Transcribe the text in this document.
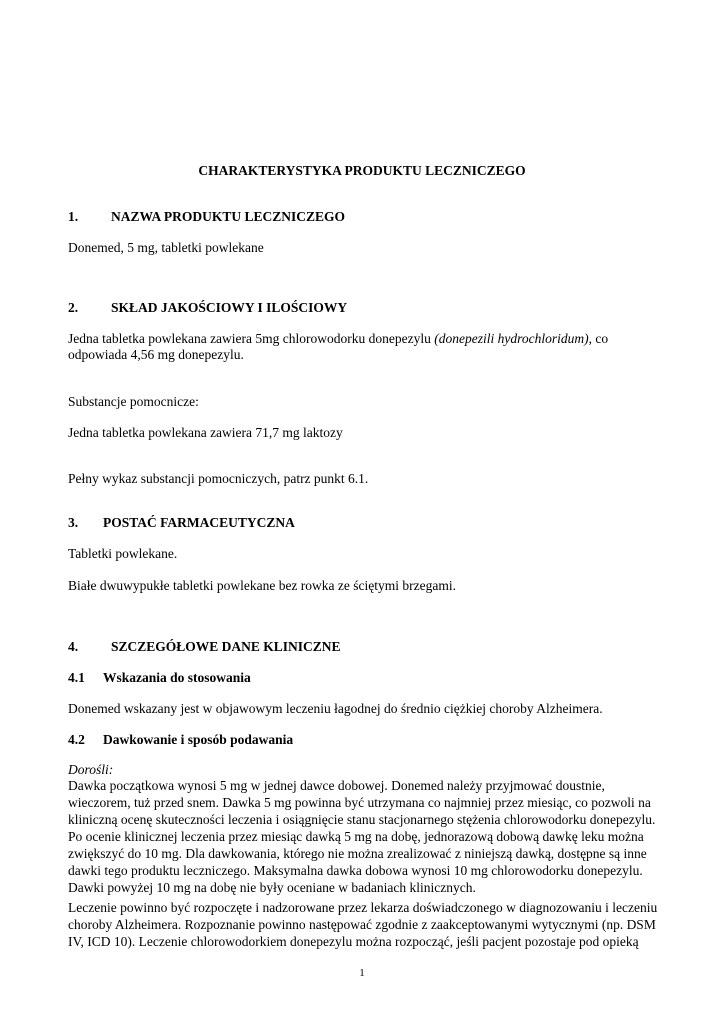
CHARAKTERYSTYKA PRODUKTU LECZNICZEGO

1. NAZWA PRODUKTU LECZNICZEGO

Donemed, 5 mg, tabletki powlekane

2. SKŁAD JAKOŚCIOWY I ILOŚCIOWY

Jedna tabletka powlekana zawiera 5mg chlorowodorku donepezylu (donepezili hydrochloridum), co

odpowiada 4,56 mg donepezylu.

Substancje pomocnicze:

Jedna tabletka powlekana zawiera 71,7 mg laktozy

Pełny wykaz substancji pomocniczych, patrz punkt 6.1.

3. POSTAĆ FARMACEUTYCZNA

Tabletki powlekane.

Białe dwuwypukłe tabletki powlekane bez rowka ze ściętymi brzegami.

4. SZCZEGÓŁOWE DANE KLINICZNE
4.1 Wskazania do stosowania

Donemed wskazany jest w objawowym leczeniu łagodnej do średnio ciężkiej choroby Alzheimera.

4.2 Dawkowanie i sposób podawania

Dorośli:

Dawka początkowa wynosi 5 mg w jednej dawce dobowej. Donemed należy przyjmować doustnie,
wieczorem, tuż przed snem. Dawka 5 mg powinna być utrzymana co najmniej przez miesiąc, co pozwoli na
kliniczną ocenę skuteczności leczenia i osiągnięcie stanu stacjonarnego stężenia chlorowodorku donepezylu.
Po ocenie klinicznej leczenia przez miesiąc dawką 5 mg na dobę, jednorazową dobową dawkę leku można
zwiększyć do 10 mg. Dla dawkowania, którego nie można zrealizować z niniejszą dawką, dostępne są inne
dawki tego produktu leczniczego. Maksymalna dawka dobowa wynosi 10 mg chlorowodorku donepezylu.
Dawki powyżej 10 mg na dobę nie były oceniane w badaniach klinicznych.
Leczenie powinno być rozpoczęte i nadzorowane przez lekarza doświadczonego w diagnozowaniu i leczeniu
choroby Alzheimera. Rozpoznanie powinno następować zgodnie z zaakceptowanymi wytycznymi (np. DSM
IV, ICD 10). Leczenie chlorowodorkiem donepezylu można rozpocząć, jeśli pacjent pozostaje pod opieką
1
